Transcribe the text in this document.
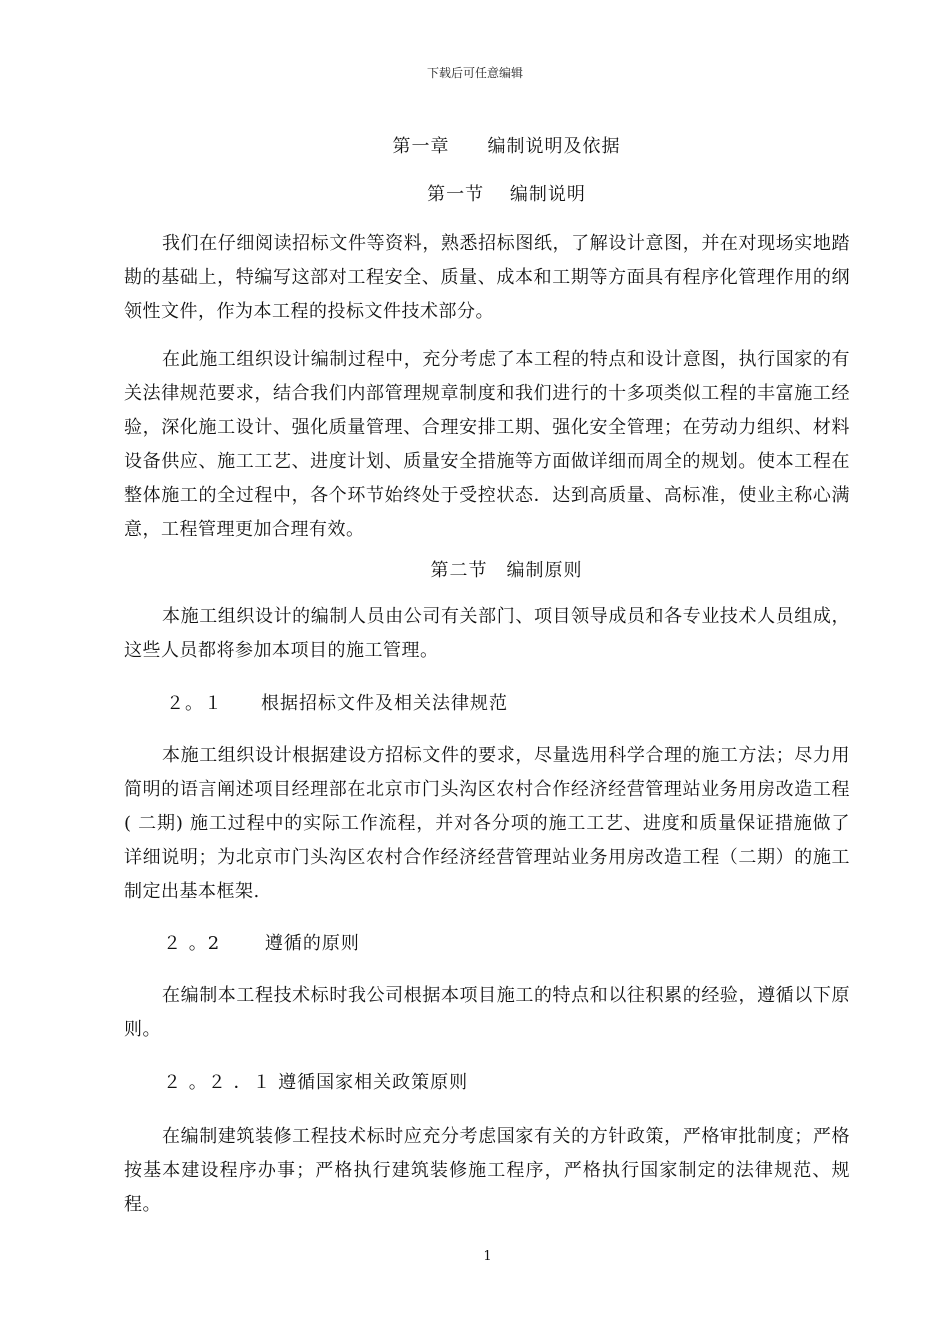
下载后可任意编辑
第一章　　编制说明及依据
第一节　 编制说明

我们在仔细阅读招标文件等资料，熟悉招标图纸，了解设计意图，并在对现场实地踏勘的基础上，特编写这部对工程安全、质量、成本和工期等方面具有程序化管理作用的纲领性文件，作为本工程的投标文件技术部分。

在此施工组织设计编制过程中，充分考虑了本工程的特点和设计意图，执行国家的有关法律规范要求，结合我们内部管理规章制度和我们进行的十多项类似工程的丰富施工经验，深化施工设计、强化质量管理、合理安排工期、强化安全管理；在劳动力组织、材料设备供应、施工工艺、进度计划、质量安全措施等方面做详细而周全的规划。使本工程在整体施工的全过程中，各个环节始终处于受控状态．达到高质量、高标准，使业主称心满意，工程管理更加合理有效。

第二节　编制原则

本施工组织设计的编制人员由公司有关部门、项目领导成员和各专业技术人员组成，这些人员都将参加本项目的施工管理。

２。１　　根据招标文件及相关法律规范

本施工组织设计根据建设方招标文件的要求，尽量选用科学合理的施工方法；尽力用简明的语言阐述项目经理部在北京市门头沟区农村合作经济经营管理站业务用房改造工程( 二期) 施工过程中的实际工作流程，并对各分项的施工工艺、进度和质量保证措施做了详细说明；为北京市门头沟区农村合作经济经营管理站业务用房改造工程（二期）的施工制定出基本框架.

２ 。2　　 遵循的原则

在编制本工程技术标时我公司根据本项目施工的特点和以往积累的经验，遵循以下原则。

２ 。２ ．１ 遵循国家相关政策原则

在编制建筑装修工程技术标时应充分考虑国家有关的方针政策，严格审批制度；严格按基本建设程序办事；严格执行建筑装修施工程序，严格执行国家制定的法律规范、规程。

1
